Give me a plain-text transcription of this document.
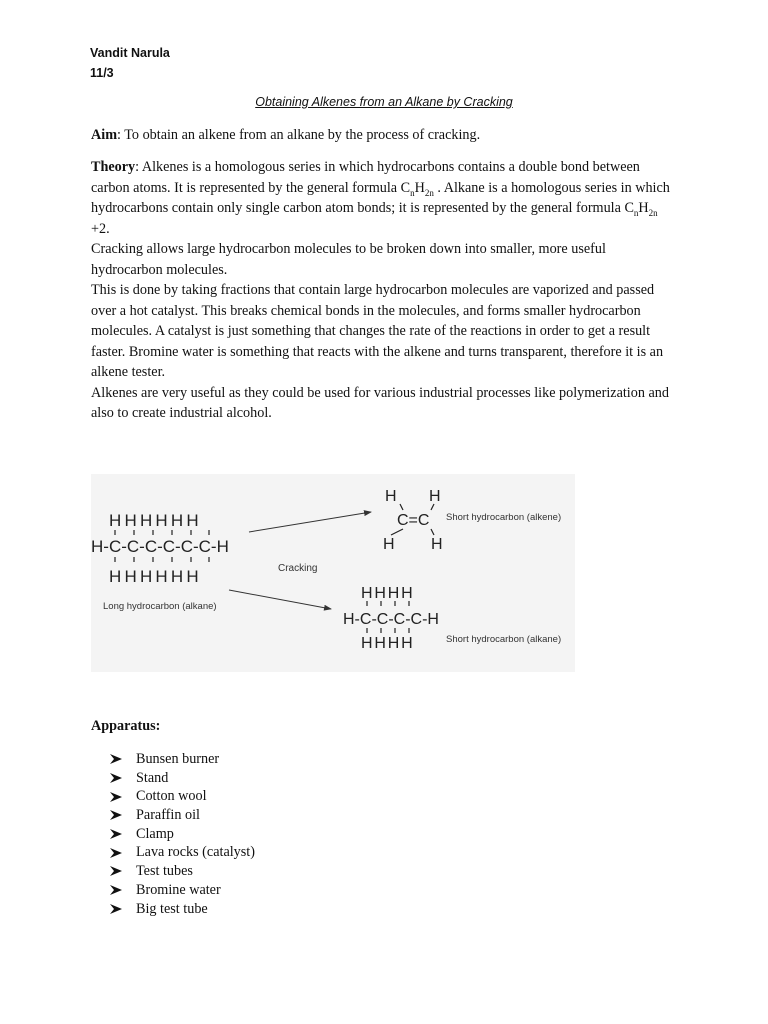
Vandit Narula
11/3
Obtaining Alkenes from an Alkane by Cracking
Aim: To obtain an alkene from an alkane by the process of cracking.
Theory: Alkenes is a homologous series in which hydrocarbons contains a double bond between carbon atoms. It is represented by the general formula $C_nH_{2n}$ . Alkane is a homologous series in which hydrocarbons contain only single carbon atom bonds; it is represented by the general formula $C_nH_{2n} +2$.
Cracking allows large hydrocarbon molecules to be broken down into smaller, more useful hydrocarbon molecules.
This is done by taking fractions that contain large hydrocarbon molecules are vaporized and passed over a hot catalyst. This breaks chemical bonds in the molecules, and forms smaller hydrocarbon molecules. A catalyst is just something that changes the rate of the reactions in order to get a result faster. Bromine water is something that reacts with the alkene and turns transparent, therefore it is an alkene tester.
Alkenes are very useful as they could be used for various industrial processes like polymerization and also to create industrial alcohol.
HHHHHH
H-C-C-C-C-C-C-H
HHHHHH
Long hydrocarbon (alkane)
Cracking
H H
C=C
H H
Short hydrocarbon (alkene)
HHHH
H-C-C-C-C-H
HHHH	Short hydrocarbon (alkane)
Apparatus:
Bunsen burner
Stand
Cotton wool
Paraffin oil
Clamp
Lava rocks (catalyst)
Test tubes
Bromine water
Big test tube
